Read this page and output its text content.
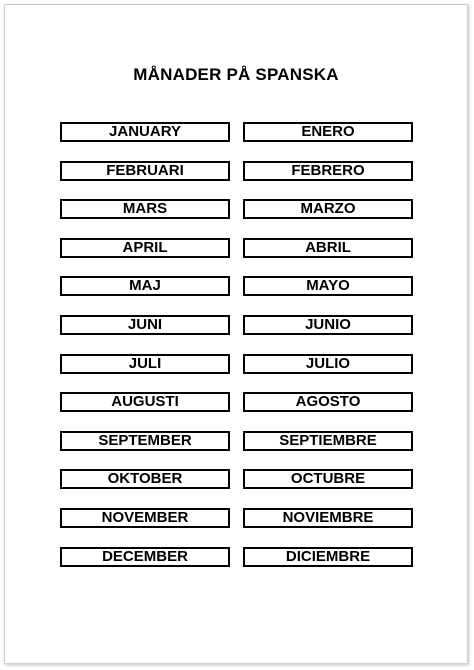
MÅNADER PÅ SPANSKA
JANUARY	ENERO
FEBRUARI	FEBRERO
MARS	MARZO
APRIL	ABRIL
MAJ	MAYO
JUNI	JUNIO
JULI	JULIO
AUGUSTI	AGOSTO
SEPTEMBER	SEPTIEMBRE
OKTOBER	OCTUBRE
NOVEMBER	NOVIEMBRE
DECEMBER	DICIEMBRE
